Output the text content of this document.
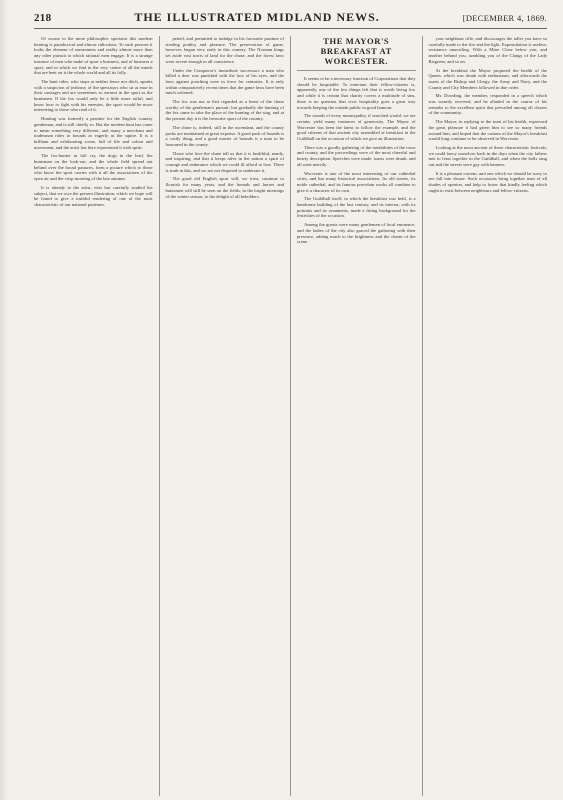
218	THE ILLUSTRATED MIDLAND NEWS.	[DECEMBER 4, 1869.

Of course to the more philosophic spectator this modern hunting is paradoxical and almost ridiculous. To such persons it looks the element of earnestness and reality almost more than any other pursuit to which rational men engage. It is a strange instance of men who make of sport a business, and of business a sport, and in which we find in the very centre of all the minds that are bent on it the whole world and all its folly.

The hunt rides, who stops at neither fence nor ditch, speaks with a suspicion of jealousy of the spectators who sit at ease in their carriages and are sometimes so earnest in the sport as the huntsmen. If the fox would only be a little more artful, and know how to fight with his enemies, the sport would be more interesting to those who read of it.

Hunting was formerly a pastime for the English country gentleman, and is still chiefly so. But the modern hunt has come to mean something very different, and many a merchant and tradesman rides to hounds as eagerly as the squire. It is a brilliant and exhilarating scene, full of life and colour and movement, and the artist has here represented it with spirit.

The fox-hunter in full cry, the dogs in the lead, the huntsman on the look-out, and the whole field spread out behind over the broad pastures, form a picture which to those who know the sport carries with it all the associations of the open air and the crisp morning of the late autumn.

It is already to the artist, who has carefully studied his subject, that we owe the present illustration, which we hope will be found to give a truthful rendering of one of the most characteristic of our national pastimes.

petted, and permitted to indulge in his favourite pastime of stealing poultry and pleasure. The preservation of game, however, began very early in this country. The Norman kings set aside vast tracts of land for the chase, and the forest laws were severe enough in all conscience.

Under the Conqueror's immediate successors a man who killed a deer was punished with the loss of his eyes, and the laws against poaching were in force for centuries. It is only within comparatively recent times that the game laws have been much softened.

The fox was not at first regarded as a beast of the chase worthy of the gentleman's pursuit; but gradually the hunting of the fox came to take the place of the hunting of the stag, and at the present day it is the favourite sport of the country.

The chase is, indeed, still in the ascendant, and the county packs are maintained at great expense. A good pack of hounds is a costly thing, and a good master of hounds is a man to be honoured in the county.

Those who love the chase tell us that it is healthful, manly, and inspiring, and that it keeps alive in the nation a spirit of courage and endurance which we could ill afford to lose. There is truth in this, and we are not disposed to underrate it.

The good old English sport will, we trust, continue to flourish for many years, and the hounds and horses and huntsmen will still be seen on the fields, in the bright mornings of the winter season, to the delight of all beholders.

THE MAYOR'S BREAKFAST AT WORCESTER.

It seems to be a necessary function of Corporations that they should be hospitable. To entertain their fellow-citizens is, apparently, one of the few things left that is worth living for; and while it is certain that charity covers a multitude of sins, there is no question that civic hospitality goes a great way towards keeping the outside public in good humour.

The rounds of every municipality, if searched would, we are certain, yield many instances of generosity. The Mayor of Worcester has been the latest to follow the example, and the good citizens of that ancient city assembled at breakfast in the Guildhall on the occasion of which we give an illustration.

There was a goodly gathering of the notabilities of the town and county, and the proceedings were of the most cheerful and hearty description. Speeches were made, toasts were drunk, and all went merrily.

Worcester is one of the most interesting of our cathedral cities, and has many historical associations. Its old streets, its noble cathedral, and its famous porcelain works all combine to give it a character of its own.

The Guildhall itself, in which the breakfast was held, is a handsome building of the last century, and its interior, with its portraits and its ornaments, made a fitting background for the festivities of the occasion.

Among the guests were many gentlemen of local eminence, and the ladies of the city also graced the gathering with their presence, adding much to the brightness and the charm of the scene.

your neighbour rifle, and discourages the taller you have so carefully made to the fire and the light. Expostulation is useless; resistance unavailing. With a Mitre Close below you, and another behind you, rumbling you of the Clangs of the Lady Bisgreen, and so on.

At the breakfast the Mayor proposed the health of the Queen, which was drunk with enthusiasm, and afterwards the toasts of the Bishop and Clergy, the Army and Navy, and the County and City Members followed in due order.

Mr. Dowding, the member, responded in a speech which was warmly received, and he alluded in the course of his remarks to the excellent spirit that prevailed among all classes of the community.

The Mayor, in replying to the toast of his health, expressed the great pleasure it had given him to see so many friends around him, and hoped that the custom of the Mayor's breakfast would long continue to be observed in Worcester.

Looking at the most ancient of these characteristic festivals, we could fancy ourselves back in the days when the city fathers met to feast together in the Guildhall, and when the bells rang out and the streets were gay with banners.

It is a pleasant custom, and one which we should be sorry to see fall into disuse. Such occasions bring together men of all shades of opinion, and help to foster that kindly feeling which ought to exist between neighbours and fellow-citizens.
